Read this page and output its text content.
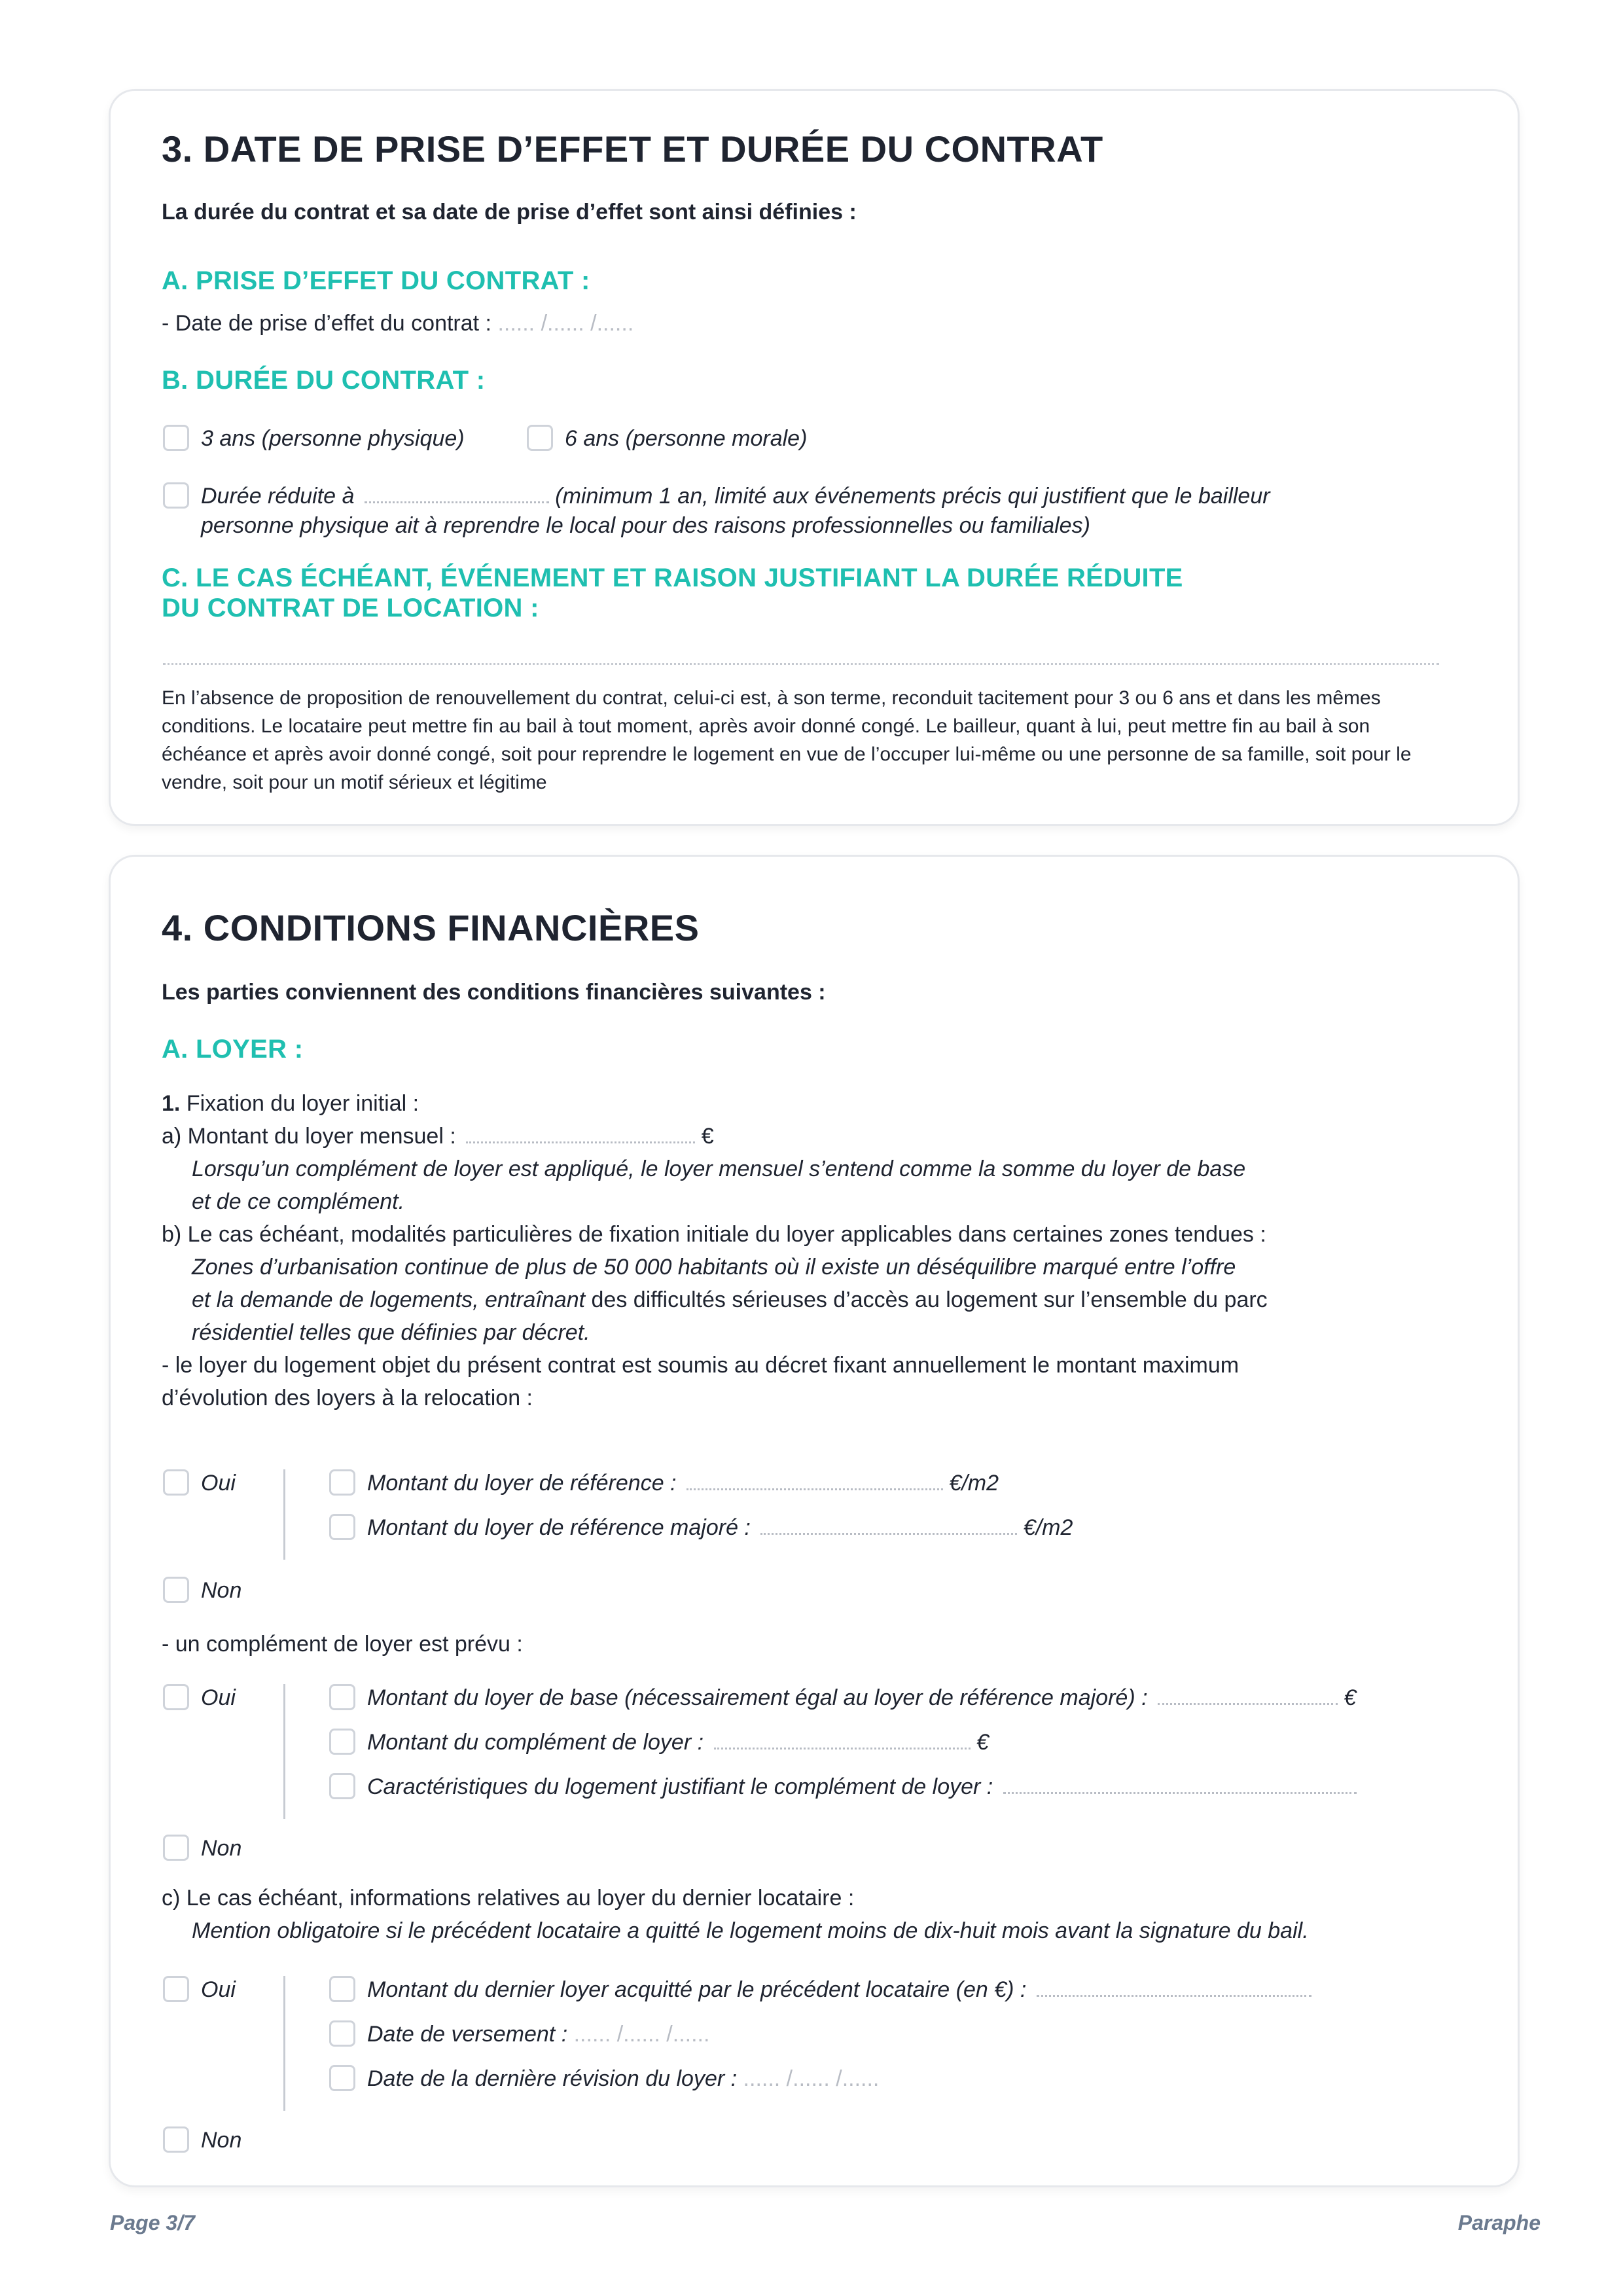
3. DATE DE PRISE D’EFFET ET DURÉE DU CONTRAT
La durée du contrat et sa date de prise d’effet sont ainsi définies :
A. PRISE D’EFFET DU CONTRAT :
- Date de prise d’effet du contrat : ...... /...... /......
B. DURÉE DU CONTRAT :
3 ans (personne physique)	6 ans (personne morale)
Durée réduite à	(minimum 1 an, limité aux événements précis qui justifient que le bailleur
personne physique ait à reprendre le local pour des raisons professionnelles ou familiales)
C. LE CAS ÉCHÉANT, ÉVÉNEMENT ET RAISON JUSTIFIANT LA DURÉE RÉDUITE
DU CONTRAT DE LOCATION :
En l’absence de proposition de renouvellement du contrat, celui-ci est, à son terme, reconduit tacitement pour 3 ou 6 ans et dans les mêmes conditions. Le locataire peut mettre fin au bail à tout moment, après avoir donné congé. Le bailleur, quant à lui, peut mettre fin au bail à son échéance et après avoir donné congé, soit pour reprendre le logement en vue de l’occuper lui-même ou une personne de sa famille, soit pour le vendre, soit pour un motif sérieux et légitime
4. CONDITIONS FINANCIÈRES
Les parties conviennent des conditions financières suivantes :
A. LOYER :
1. Fixation du loyer initial :
a) Montant du loyer mensuel :	€
Lorsqu’un complément de loyer est appliqué, le loyer mensuel s’entend comme la somme du loyer de base
et de ce complément.
b) Le cas échéant, modalités particulières de fixation initiale du loyer applicables dans certaines zones tendues :
Zones d’urbanisation continue de plus de 50 000 habitants où il existe un déséquilibre marqué entre l’offre
et la demande de logements, entraînant des difficultés sérieuses d’accès au logement sur l’ensemble du parc
résidentiel telles que définies par décret.
- le loyer du logement objet du présent contrat est soumis au décret fixant annuellement le montant maximum
d’évolution des loyers à la relocation :
Oui	Montant du loyer de référence :	€/m2
Montant du loyer de référence majoré :	€/m2
Non
- un complément de loyer est prévu :
Oui	Montant du loyer de base (nécessairement égal au loyer de référence majoré) :	€
Montant du complément de loyer :	€
Caractéristiques du logement justifiant le complément de loyer :
Non
c) Le cas échéant, informations relatives au loyer du dernier locataire :
Mention obligatoire si le précédent locataire a quitté le logement moins de dix-huit mois avant la signature du bail.
Oui	Montant du dernier loyer acquitté par le précédent locataire (en €) :
Date de versement : ...... /...... /......
Date de la dernière révision du loyer : ...... /...... /......
Non
Page 3/7	Paraphe
